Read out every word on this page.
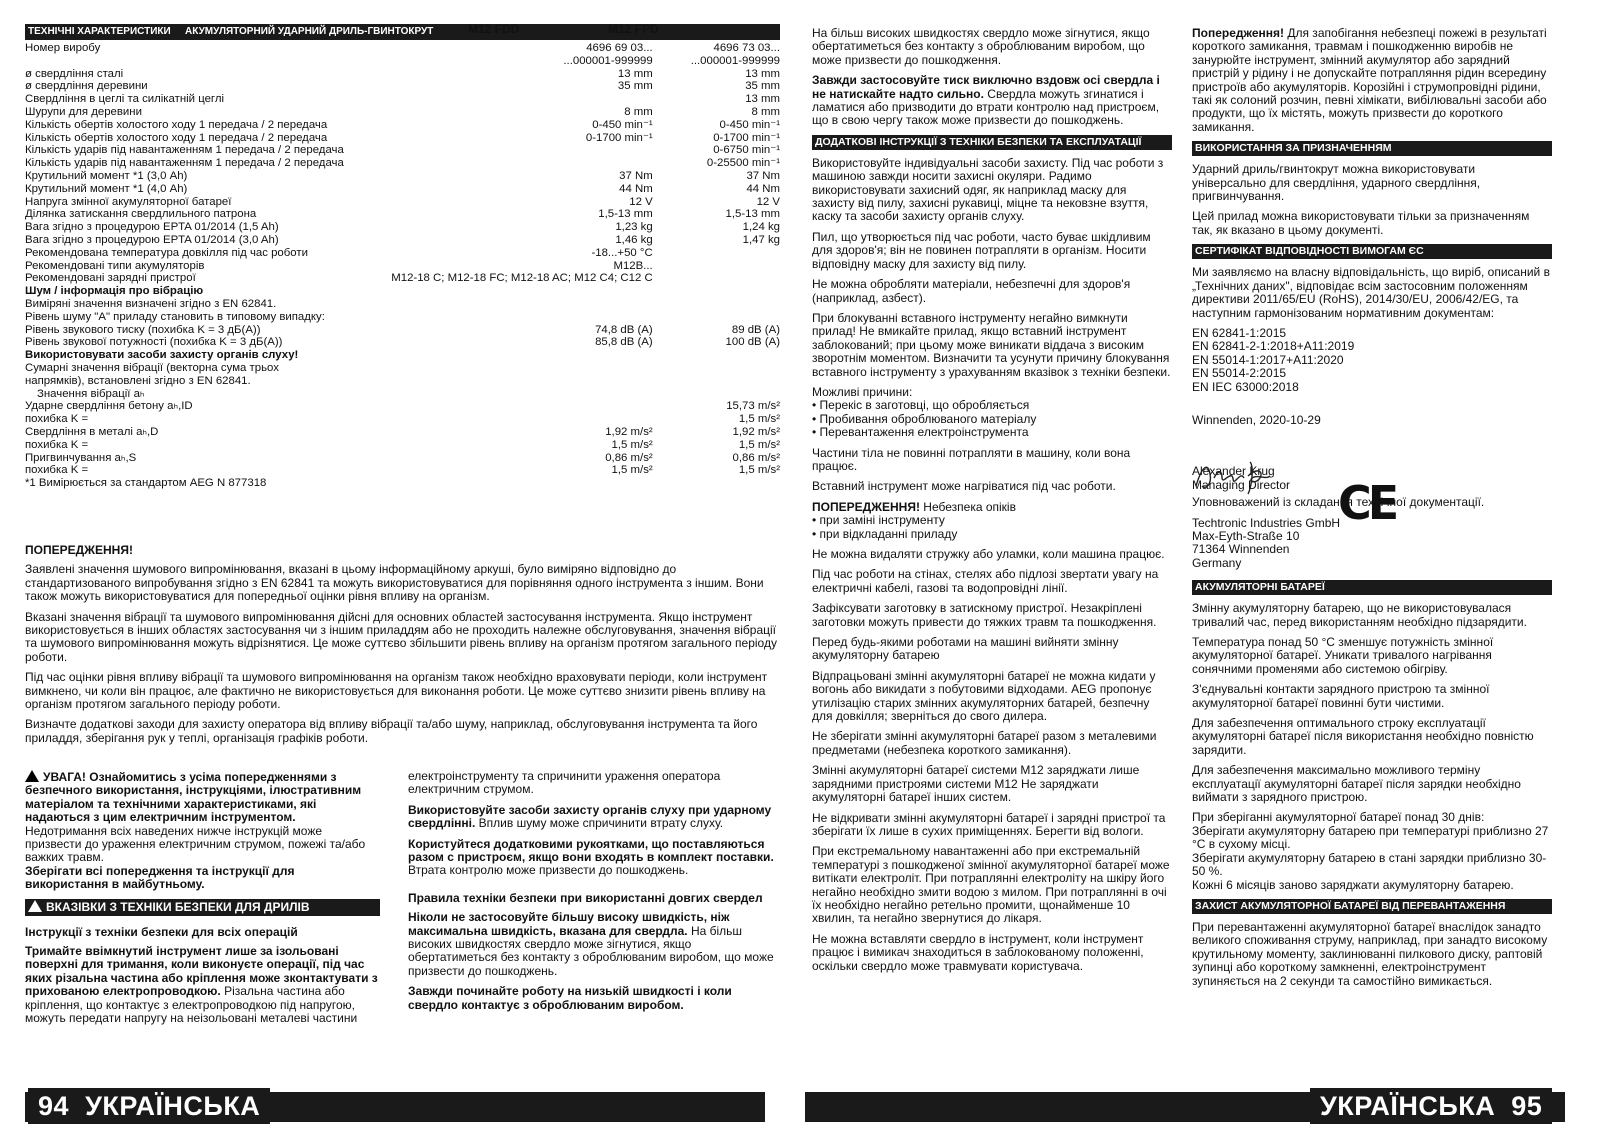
ТЕХНІЧНІ ХАРАКТЕРИСТИКИ АКУМУЛЯТОРНИЙ УДАРНИЙ ДРИЛЬ-ГВИНТОКРУТ	M12 FDD	M12 FPD
Номер виробу	4696 69 03...	4696 73 03...
	...000001-999999	...000001-999999
ø свердління сталі	13 mm	13 mm
ø свердління деревини	35 mm	35 mm
Свердління в цеглі та силікатній цеглі		13 mm
Шурупи для деревини	8 mm	8 mm
Кількість обертів холостого ходу 1 передача / 2 передача	0-450 min⁻¹	0-450 min⁻¹
Кількість обертів холостого ходу 1 передача / 2 передача	0-1700 min⁻¹	0-1700 min⁻¹
Кількість ударів під навантаженням 1 передача / 2 передача		0-6750 min⁻¹
Кількість ударів під навантаженням 1 передача / 2 передача		0-25500 min⁻¹
Крутильний момент *1 (3,0 Ah)	37 Nm	37 Nm
Крутильний момент *1 (4,0 Ah)	44 Nm	44 Nm
Напруга змінної акумуляторної батареї	12 V	12 V
Ділянка затискання свердлильного патрона	1,5-13 mm	1,5-13 mm
Вага згідно з процедурою EPTA 01/2014 (1,5 Ah)	1,23 kg	1,24 kg
Вага згідно з процедурою EPTA 01/2014 (3,0 Ah)	1,46 kg	1,47 kg
Рекомендована температура довкілля під час роботи	-18...+50 °C	
Рекомендовані типи акумуляторів	M12B...	
Рекомендовані зарядні пристрої	M12-18 C; M12-18 FC; M12-18 AC; M12 C4; C12 C	
Шум / інформація про вібрацію		
Виміряні значення визначені згідно з EN 62841.		
Рівень шуму "А" приладу становить в типовому випадку:		
Рівень звукового тиску (похибка K = 3 дБ(A))	74,8 dB (A)	89 dB (A)
Рівень звукової потужності (похибка K = 3 дБ(A))	85,8 dB (A)	100 dB (A)
Використовувати засоби захисту органів слуху!		
Сумарні значення вібрації (векторна сума трьох		
напрямків), встановлені згідно з EN 62841.		
Значення вібрації aₕ		
Ударне свердління бетону aₕ,ID		15,73 m/s²
похибка K =		1,5 m/s²
Свердління в металі aₕ,D	1,92 m/s²	1,92 m/s²
похибка K =	1,5 m/s²	1,5 m/s²
Пригвинчування aₕ,S	0,86 m/s²	0,86 m/s²
похибка K =	1,5 m/s²	1,5 m/s²
*1 Вимірюється за стандартом AEG N 877318		
ПОПЕРЕДЖЕННЯ!

Заявлені значення шумового випромінювання, вказані в цьому інформаційному аркуші, було виміряно відповідно до стандартизованого випробування згідно з EN 62841 та можуть використовуватися для порівняння одного інструмента з іншим. Вони також можуть використовуватися для попередньої оцінки рівня впливу на організм.

Вказані значення вібрації та шумового випромінювання дійсні для основних областей застосування інструмента. Якщо інструмент використовується в інших областях застосування чи з іншим приладдям або не проходить належне обслуговування, значення вібрації та шумового випромінювання можуть відрізнятися. Це може суттєво збільшити рівень впливу на організм протягом загального періоду роботи.

Під час оцінки рівня впливу вібрації та шумового випромінювання на організм також необхідно враховувати періоди, коли інструмент вимкнено, чи коли він працює, але фактично не використовується для виконання роботи. Це може суттєво знизити рівень впливу на організм протягом загального періоду роботи.

Визначте додаткові заходи для захисту оператора від впливу вібрації та/або шуму, наприклад, обслуговування інструмента та його приладдя, зберігання рук у теплі, організація графіків роботи.

УВАГА! Ознайомитись з усіма попередженнями з безпечного використання, інструкціями, ілюстративним матеріалом та технічними характеристиками, які надаються з цим електричним інструментом. Недотримання всіх наведених нижче інструкцій може призвести до ураження електричним струмом, пожежі та/або важких травм.
Зберігати всі попередження та інструкції для використання в майбутньому.

ВКАЗІВКИ З ТЕХНІКИ БЕЗПЕКИ ДЛЯ ДРИЛІВ
Інструкції з техніки безпеки для всіх операцій

Тримайте ввімкнутий інструмент лише за ізольовані поверхні для тримання, коли виконуєте операції, під час яких різальна частина або кріплення може зконтактувати з прихованою електропроводкою. Різальна частина або кріплення, що контактує з електропроводкою під напругою, можуть передати напругу на неізольовані металеві частини

електроінструменту та спричинити ураження оператора електричним струмом.

Використовуйте засоби захисту органів слуху при ударному свердлінні. Вплив шуму може спричинити втрату слуху.

Користуйтеся додатковими рукоятками, що поставляються разом с пристроєм, якщо вони входять в комплект поставки. Втрата контролю може призвести до пошкоджень.

Правила техніки безпеки при використанні довгих свердел

Ніколи не застосовуйте більшу високу швидкість, ніж максимальна швидкість, вказана для свердла. На більш високих швидкостях свердло може зігнутися, якщо обертатиметься без контакту з оброблюваним виробом, що може призвести до пошкоджень.

Завжди починайте роботу на низькій швидкості і коли свердло контактує з оброблюваним виробом.

94 УКРАЇНСЬКА

На більш високих швидкостях свердло може зігнутися, якщо обертатиметься без контакту з оброблюваним виробом, що може призвести до пошкодження.

Завжди застосовуйте тиск виключно вздовж осі свердла і не натискайте надто сильно. Свердла можуть згинатися і ламатися або призводити до втрати контролю над пристроєм, що в свою чергу також може призвести до пошкоджень.

ДОДАТКОВІ ІНСТРУКЦІЇ З ТЕХНІКИ БЕЗПЕКИ ТА ЕКСПЛУАТАЦІЇ

Використовуйте індивідуальні засоби захисту. Під час роботи з машиною завжди носити захисні окуляри. Радимо використовувати захисний одяг, як наприклад маску для захисту від пилу, захисні рукавиці, міцне та нековзне взуття, каску та засоби захисту органів слуху.

Пил, що утворюється під час роботи, часто буває шкідливим для здоров'я; він не повинен потрапляти в організм. Носити відповідну маску для захисту від пилу.

Не можна обробляти матеріали, небезпечні для здоров'я (наприклад, азбест).

При блокуванні вставного інструменту негайно вимкнути прилад! Не вмикайте прилад, якщо вставний інструмент заблокований; при цьому може виникати віддача з високим зворотнім моментом. Визначити та усунути причину блокування вставного інструменту з урахуванням вказівок з техніки безпеки.

Можливі причини:

• Перекіс в заготовці, що обробляється
• Пробивання оброблюваного матеріалу

• Перевантаження електроінструмента

Частини тіла не повинні потрапляти в машину, коли вона працює.

Вставний інструмент може нагріватися під час роботи.

ПОПЕРЕДЖЕННЯ! Небезпека опіків

• при заміні інструменту

• при відкладанні приладу

Не можна видаляти стружку або уламки, коли машина працює.

Під час роботи на стінах, стелях або підлозі звертати увагу на електричні кабелі, газові та водопровідні лінії.

Зафіксувати заготовку в затискному пристрої. Незакріплені заготовки можуть привести до тяжких травм та пошкодження.

Перед будь-якими роботами на машині вийняти змінну акумуляторну батарею

Відпрацьовані змінні акумуляторні батареї не можна кидати у вогонь або викидати з побутовими відходами. AEG пропонує утилізацію старих змінних акумуляторних батарей, безпечну для довкілля; зверніться до свого дилера.

Не зберігати змінні акумуляторні батареї разом з металевими предметами (небезпека короткого замикання).

Змінні акумуляторні батареї системи M12 заряджати лише зарядними пристроями системи M12 Не заряджати акумуляторні батареї інших систем.

Не відкривати змінні акумуляторні батареї і зарядні пристрої та зберігати їх лише в сухих приміщеннях. Берегти від вологи.

При екстремальному навантаженні або при екстремальній температурі з пошкодженої змінної акумуляторної батареї може витікати електроліт. При потраплянні електроліту на шкіру його негайно необхідно змити водою з милом. При потраплянні в очі їх необхідно негайно ретельно промити, щонайменше 10 хвилин, та негайно звернутися до лікаря.

Не можна вставляти свердло в інструмент, коли інструмент працює і вимикач знаходиться в заблокованому положенні, оскільки свердло може травмувати користувача.

Попередження! Для запобігання небезпеці пожежі в результаті короткого замикання, травмам і пошкодженню виробів не занурюйте інструмент, змінний акумулятор або зарядний пристрій у рідину і не допускайте потрапляння рідин всередину пристроїв або акумуляторів. Корозійні і струмопровідні рідини, такі як солоний розчин, певні хімікати, вибілювальні засоби або продукти, що їх містять, можуть призвести до короткого замикання.

ВИКОРИСТАННЯ ЗА ПРИЗНАЧЕННЯМ

Ударний дриль/гвинтокрут можна використовувати універсально для свердління, ударного свердління, пригвинчування.

Цей прилад можна використовувати тільки за призначенням так, як вказано в цьому документі.

СЕРТИФІКАТ ВІДПОВІДНОСТІ ВИМОГАМ ЄС

Ми заявляємо на власну відповідальність, що виріб, описаний в „Технічних даних", відповідає всім застосовним положенням директиви 2011/65/EU (RoHS), 2014/30/EU, 2006/42/EG, та наступним гармонізованим нормативним документам:

EN 62841-1:2015
EN 62841-2-1:2018+A11:2019
EN 55014-1:2017+A11:2020
EN 55014-2:2015
EN IEC 63000:2018
Winnenden, 2020-10-29
Alexander Krug
Managing Director

Уповноважений із складання технічної документації.

Techtronic Industries GmbH
Max-Eyth-Straße 10
71364 Winnenden
Germany
АКУМУЛЯТОРНІ БАТАРЕЇ

Змінну акумуляторну батарею, що не використовувалася тривалий час, перед використанням необхідно підзарядити.

Температура понад 50 °C зменшує потужність змінної акумуляторної батареї. Уникати тривалого нагрівання сонячними променями або системою обігріву.

З'єднувальні контакти зарядного пристрою та змінної акумуляторної батареї повинні бути чистими.

Для забезпечення оптимального строку експлуатації акумуляторні батареї після використання необхідно повністю зарядити.

Для забезпечення максимально можливого терміну експлуатації акумуляторні батареї після зарядки необхідно виймати з зарядного пристрою.

При зберіганні акумуляторної батареї понад 30 днів:
Зберігати акумуляторну батарею при температурі приблизно 27 °C в сухому місці.
Зберігати акумуляторну батарею в стані зарядки приблизно 30-50 %.

Кожні 6 місяців заново заряджати акумуляторну батарею.

ЗАХИСТ АКУМУЛЯТОРНОЇ БАТАРЕЇ ВІД ПЕРЕВАНТАЖЕННЯ

При перевантаженні акумуляторної батареї внаслідок занадто великого споживання струму, наприклад, при занадто високому крутильному моменту, заклинюванні пилкового диску, раптовій зупинці або короткому замкненні, електроінструмент зупиняється на 2 секунди та самостійно вимикається.

CE
УКРАЇНСЬКА 95
